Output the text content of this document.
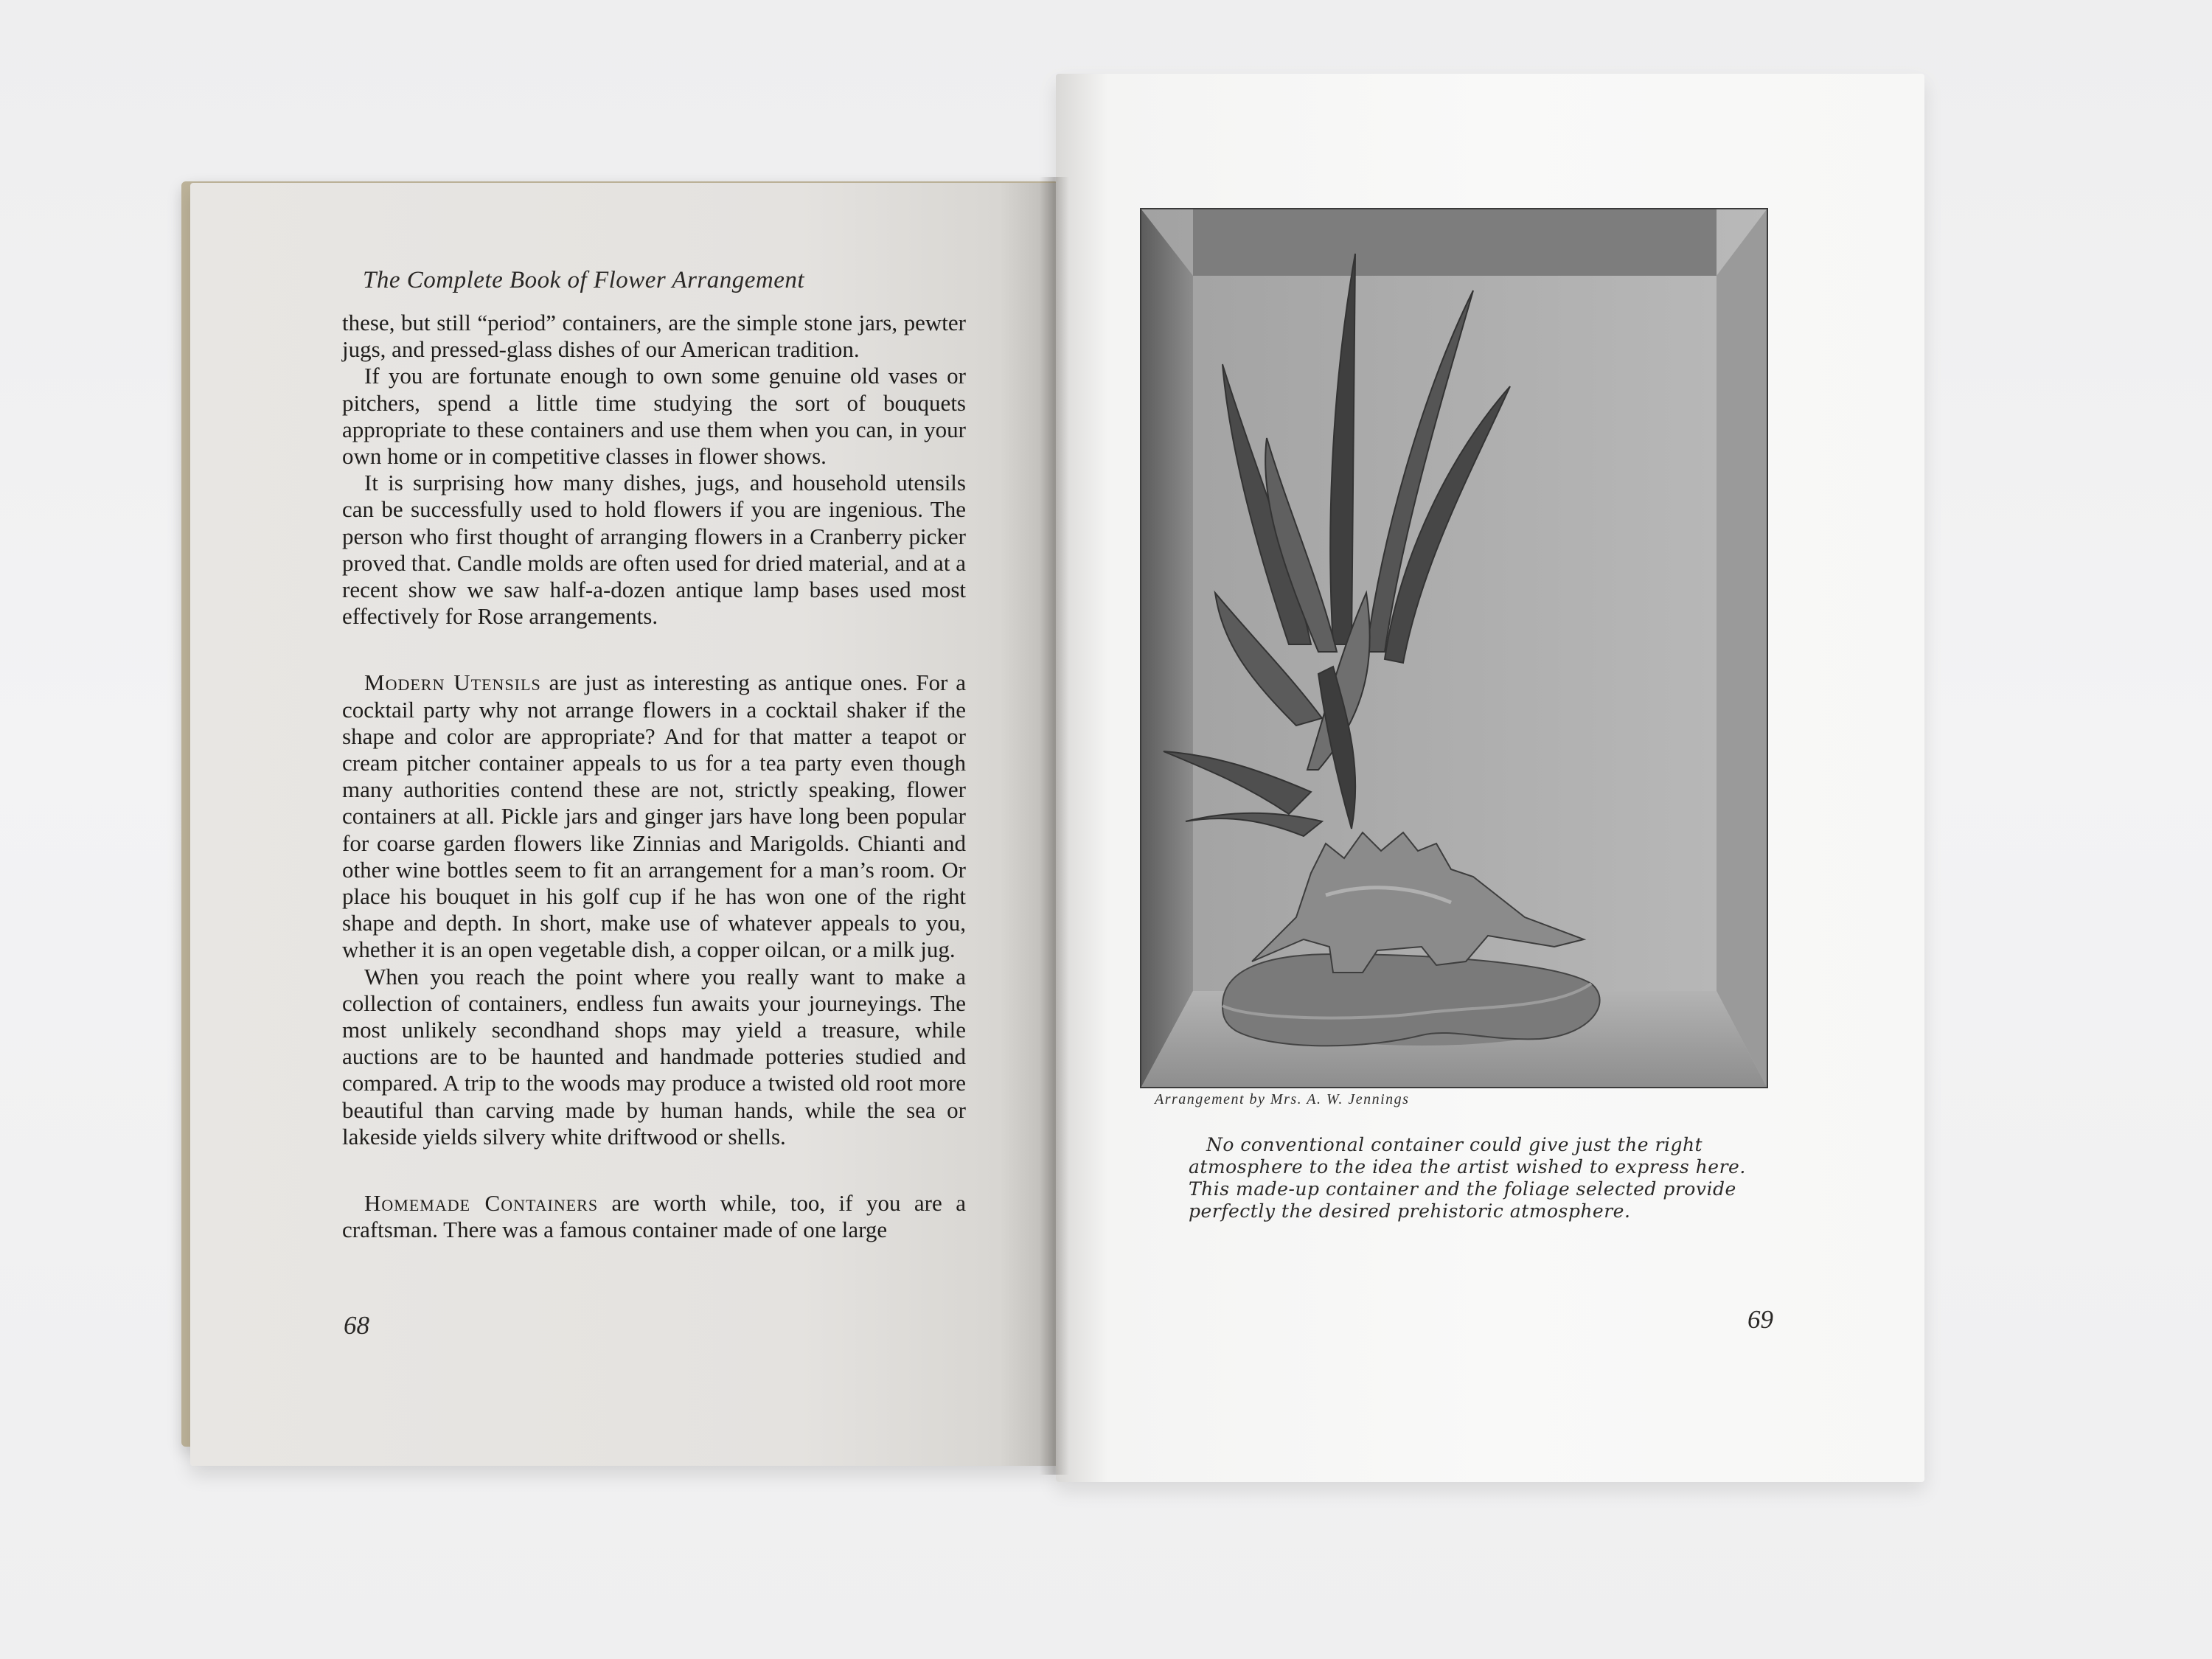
The Complete Book of Flower Arrangement

these, but still “period” containers, are the simple stone jars, pewter jugs, and pressed-glass dishes of our American tradition.

If you are fortunate enough to own some genuine old vases or pitchers, spend a little time studying the sort of bouquets appropriate to these containers and use them when you can, in your own home or in competitive classes in flower shows.

It is surprising how many dishes, jugs, and household utensils can be successfully used to hold flowers if you are ingenious. The person who first thought of arranging flowers in a Cranberry picker proved that. Candle molds are often used for dried material, and at a recent show we saw half-a-dozen antique lamp bases used most effectively for Rose arrangements.

Modern Utensils are just as interesting as antique ones. For a cocktail party why not arrange flowers in a cocktail shaker if the shape and color are appropriate? And for that matter a teapot or cream pitcher container appeals to us for a tea party even though many authorities contend these are not, strictly speaking, flower containers at all. Pickle jars and ginger jars have long been popular for coarse garden flowers like Zinnias and Marigolds. Chianti and other wine bottles seem to fit an arrangement for a man’s room. Or place his bouquet in his golf cup if he has won one of the right shape and depth. In short, make use of whatever appeals to you, whether it is an open vegetable dish, a copper oilcan, or a milk jug.

When you reach the point where you really want to make a collection of containers, endless fun awaits your journeyings. The most unlikely secondhand shops may yield a treasure, while auctions are to be haunted and handmade potteries studied and compared. A trip to the woods may produce a twisted old root more beautiful than carving made by human hands, while the sea or lakeside yields silvery white driftwood or shells.

Homemade Containers are worth while, too, if you are a craftsman. There was a famous container made of one large

68
Arrangement by Mrs. A. W. Jennings
No conventional container could give just the right
atmosphere to the idea the artist wished to express here.
This made-up container and the foliage selected provide
perfectly the desired prehistoric atmosphere.
69
